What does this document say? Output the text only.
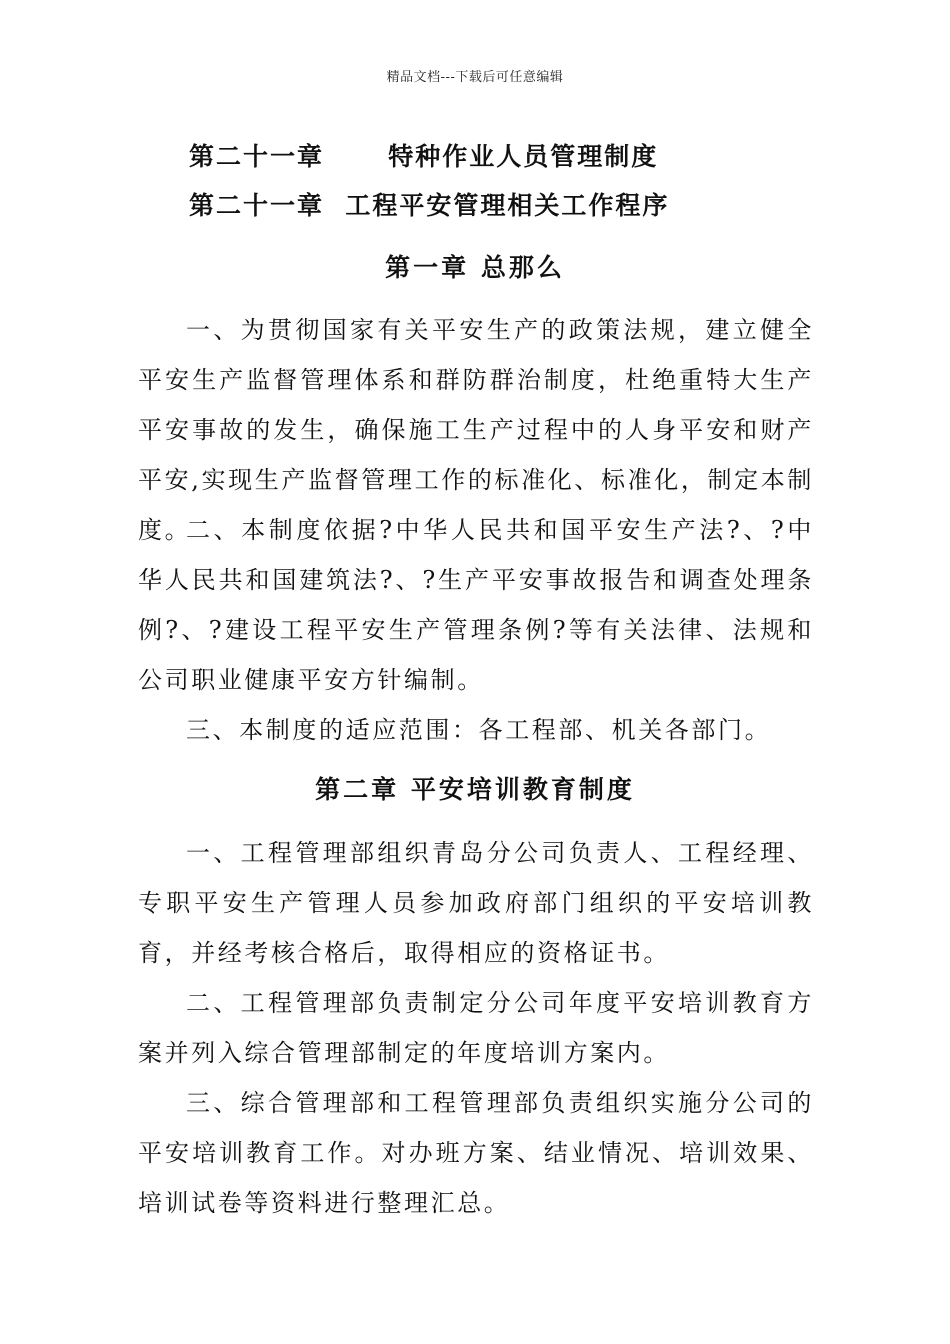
精品文档---下载后可任意编辑
第二十一章      特种作业人员管理制度
第二十一章  工程平安管理相关工作程序
第一章 总那么

一、为贯彻国家有关平安生产的政策法规，建立健全平安生产监督管理体系和群防群治制度，杜绝重特大生产平安事故的发生，确保施工生产过程中的人身平安和财产平安,实现生产监督管理工作的标准化、标准化，制定本制度。

二、本制度依据?中华人民共和国平安生产法?、?中华人民共和国建筑法?、?生产平安事故报告和调查处理条例?、?建设工程平安生产管理条例?等有关法律、法规和公司职业健康平安方针编制。

三、本制度的适应范围：各工程部、机关各部门。

第二章 平安培训教育制度

一、工程管理部组织青岛分公司负责人、工程经理、专职平安生产管理人员参加政府部门组织的平安培训教育，并经考核合格后，取得相应的资格证书。

二、工程管理部负责制定分公司年度平安培训教育方案并列入综合管理部制定的年度培训方案内。

三、综合管理部和工程管理部负责组织实施分公司的平安培训教育工作。对办班方案、结业情况、培训效果、培训试卷等资料进行整理汇总。
